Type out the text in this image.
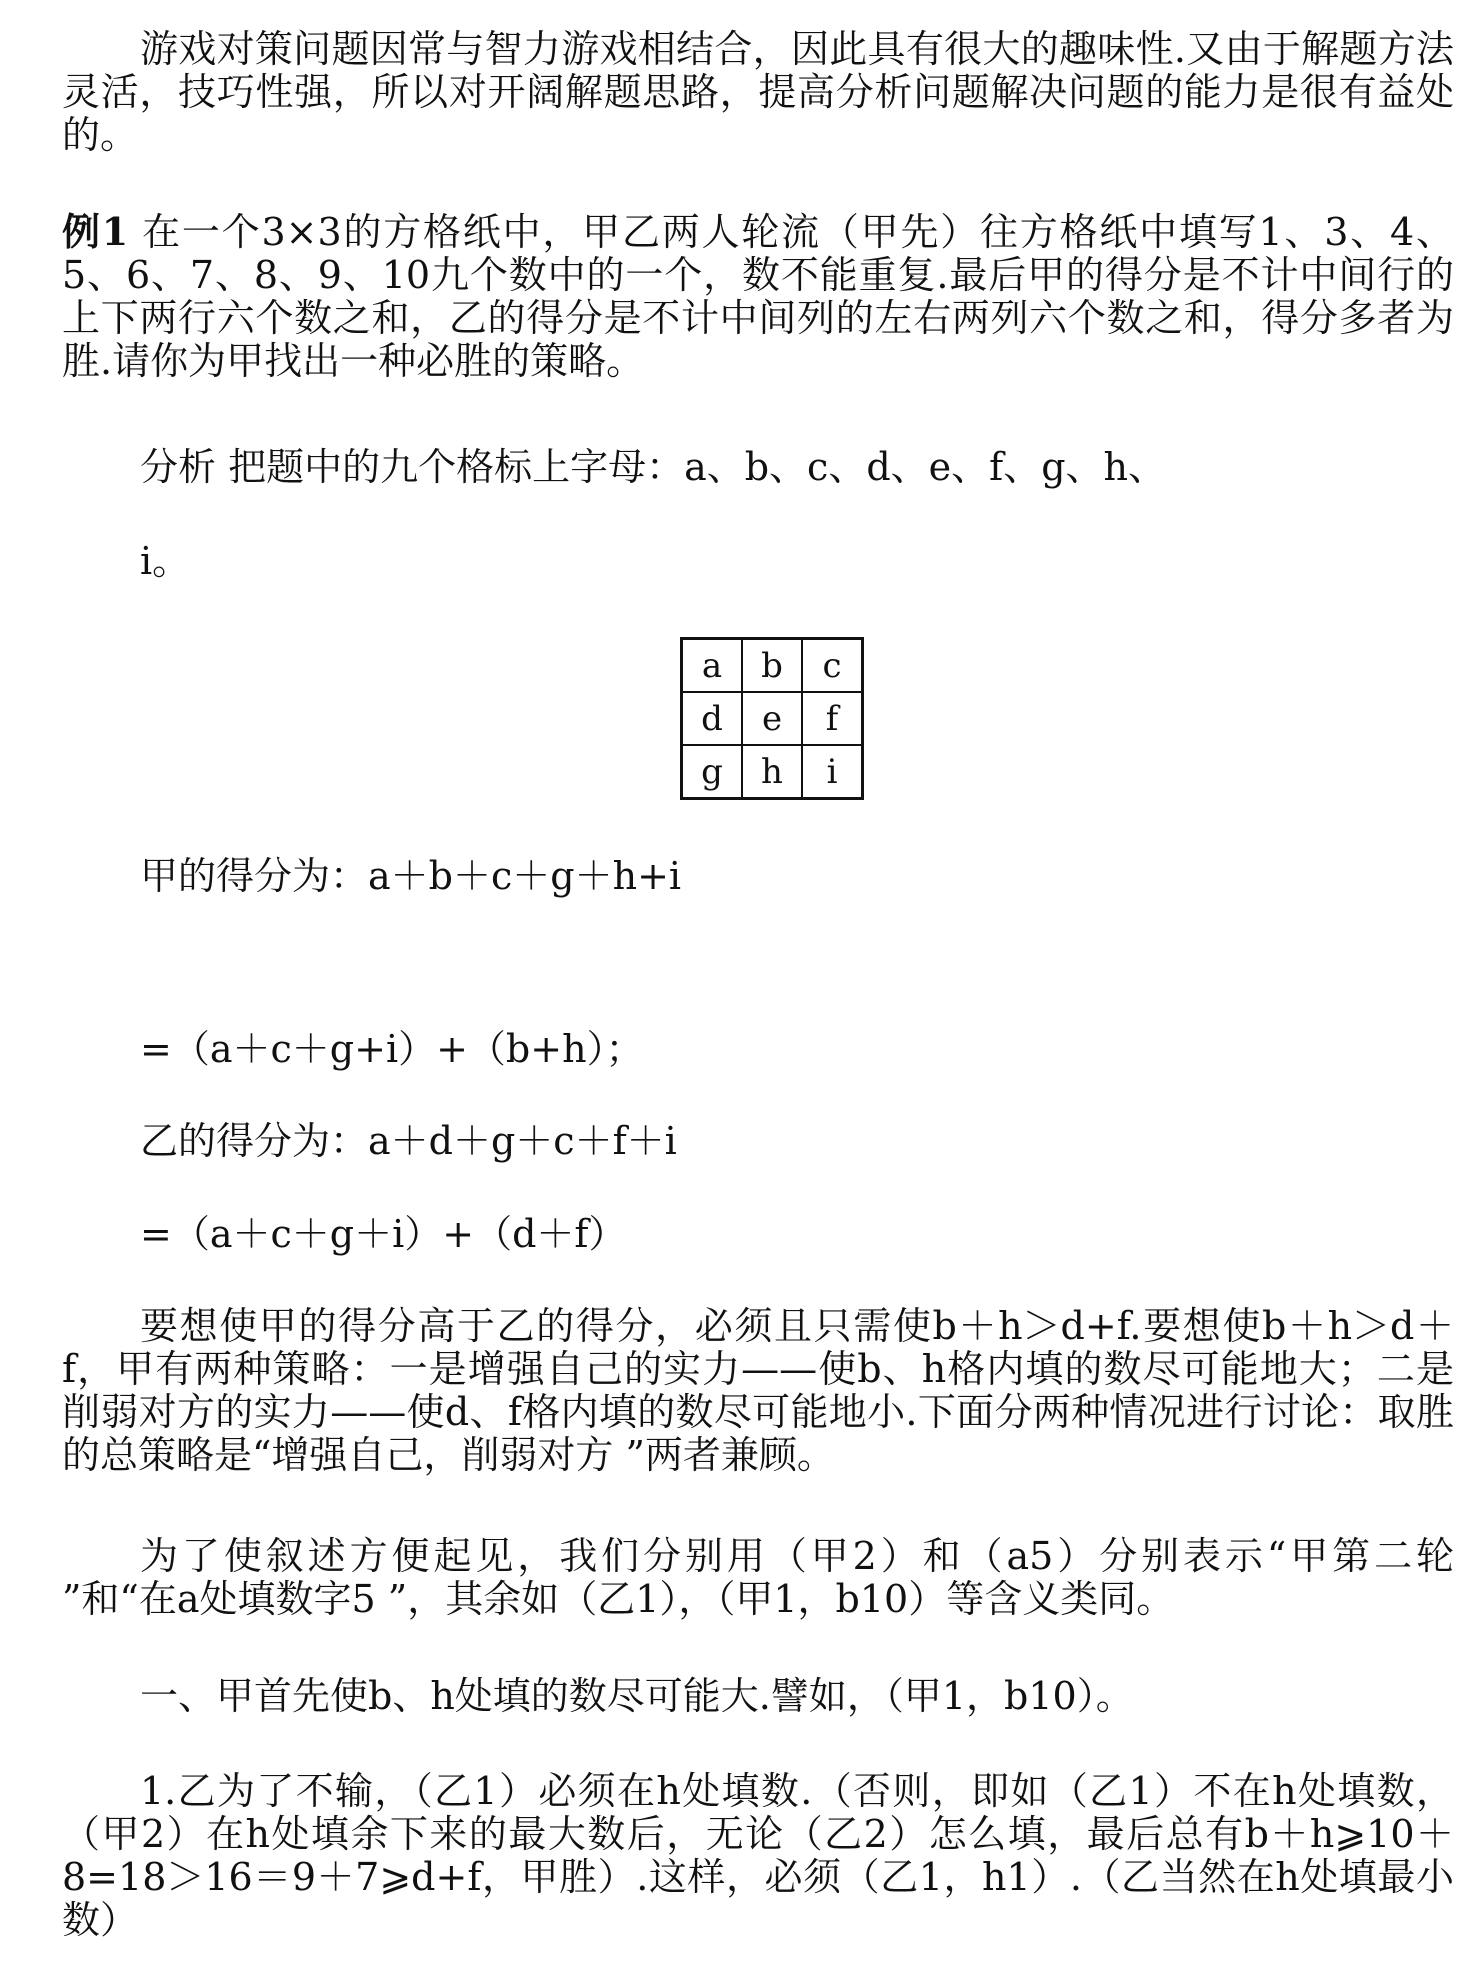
游戏对策问题因常与智力游戏相结合，因此具有很大的趣味性.又由于解题方法灵活，技巧性强，所以对开阔解题思路，提高分析问题解决问题的能力是很有益处的。

例1 在一个3×3的方格纸中，甲乙两人轮流（甲先）往方格纸中填写1、3、4、5、6、7、8、9、10九个数中的一个，数不能重复.最后甲的得分是不计中间行的上下两行六个数之和，乙的得分是不计中间列的左右两列六个数之和，得分多者为胜.请你为甲找出一种必胜的策略。

分析 把题中的九个格标上字母：a、b、c、d、e、f、g、h、
i。
a	b	c
d	e	f
g	h	i
甲的得分为：a＋b＋c＋g＋h+i
=（a＋c＋g+i）+（b+h）；
乙的得分为：a＋d＋g＋c＋f＋i
=（a＋c＋g＋i）+（d＋f）

要想使甲的得分高于乙的得分，必须且只需使b＋h＞d+f.要想使b＋h＞d＋f，甲有两种策略：一是增强自己的实力——使b、h格内填的数尽可能地大；二是削弱对方的实力——使d、f格内填的数尽可能地小.下面分两种情况进行讨论：取胜的总策略是“增强自己，削弱对方 ”两者兼顾。

为了使叙述方便起见，我们分别用（甲2）和（a5）分别表示“甲第二轮 ”和“在a处填数字5 ”，其余如（乙1），（甲1，b10）等含义类同。

一、甲首先使b、h处填的数尽可能大.譬如，（甲1，b10）。

1.乙为了不输，（乙1）必须在h处填数.（否则，即如（乙1）不在h处填数，（甲2）在h处填余下来的最大数后，无论（乙2）怎么填，最后总有b＋h⩾10＋8=18＞16＝9＋7⩾d+f，甲胜）.这样，必须（乙1，h1）.（乙当然在h处填最小数）
